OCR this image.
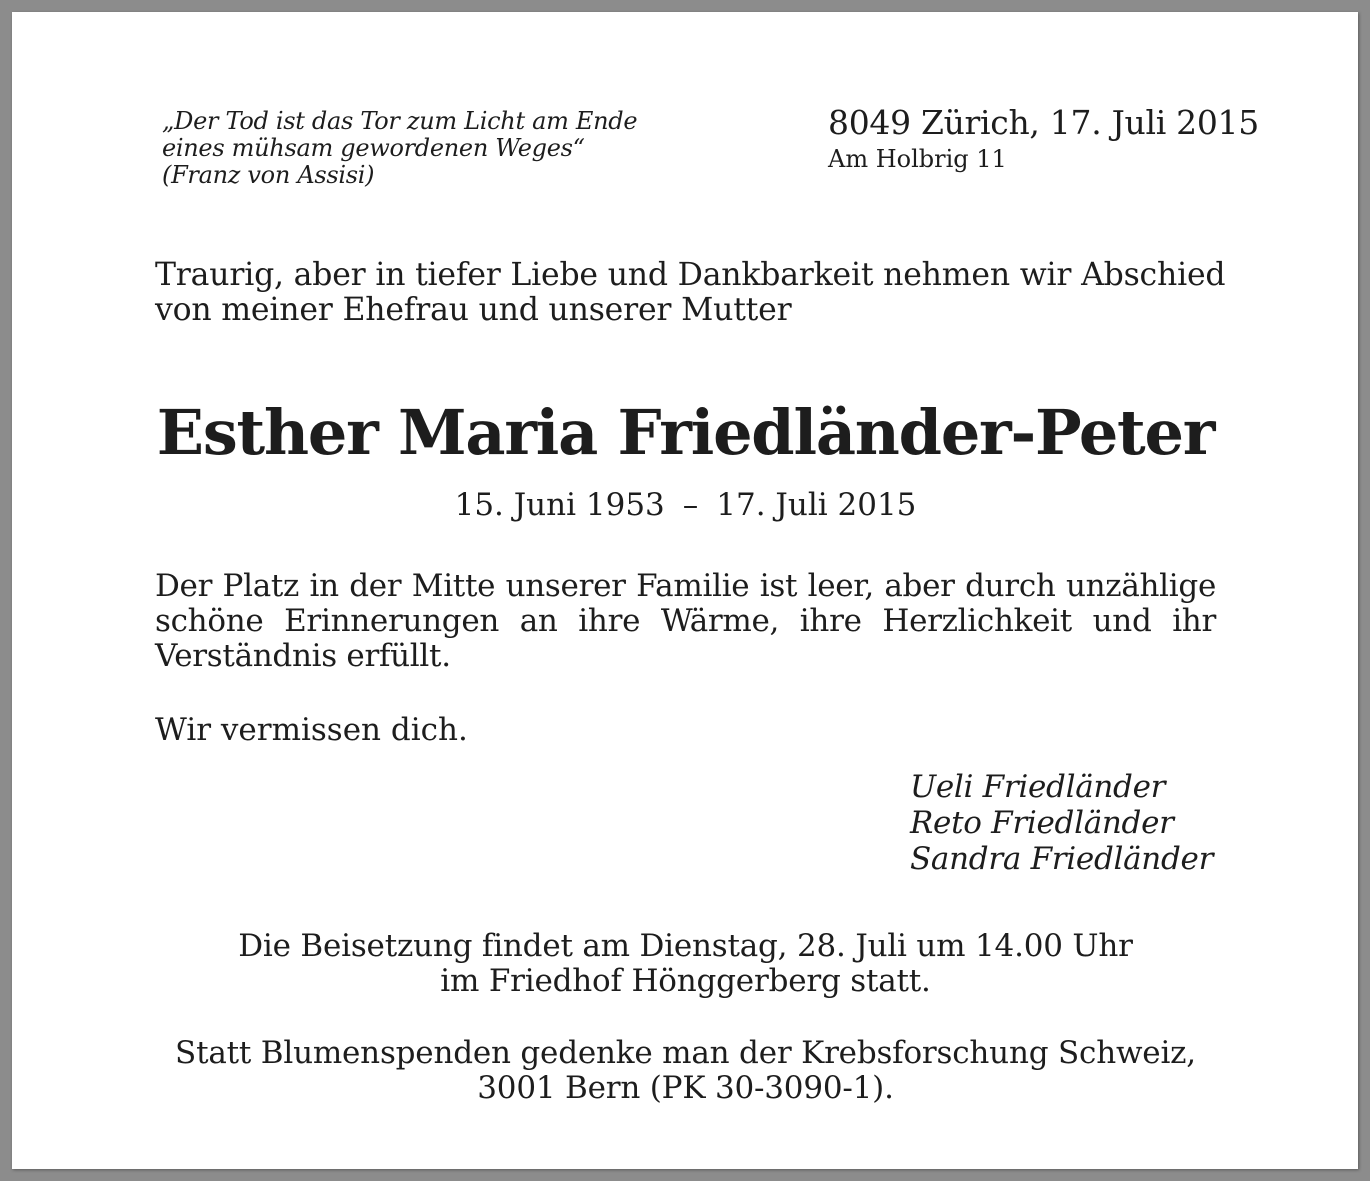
„Der Tod ist das Tor zum Licht am Ende
eines mühsam gewordenen Weges“
(Franz von Assisi)
8049 Zürich, 17. Juli 2015
Am Holbrig 11
Traurig, aber in tiefer Liebe und Dankbarkeit nehmen wir Abschied
von meiner Ehefrau und unserer Mutter
Esther Maria Friedländer-Peter
15. Juni 1953 – 17. Juli 2015
Der Platz in der Mitte unserer Familie ist leer, aber durch unzählige schöne Erinnerungen an ihre Wärme, ihre Herzlichkeit und ihr Verständnis erfüllt.
Wir vermissen dich.
Ueli Friedländer
Reto Friedländer
Sandra Friedländer
Die Beisetzung findet am Dienstag, 28. Juli um 14.00 Uhr
im Friedhof Hönggerberg statt.
Statt Blumenspenden gedenke man der Krebsforschung Schweiz,
3001 Bern (PK 30-3090-1).
